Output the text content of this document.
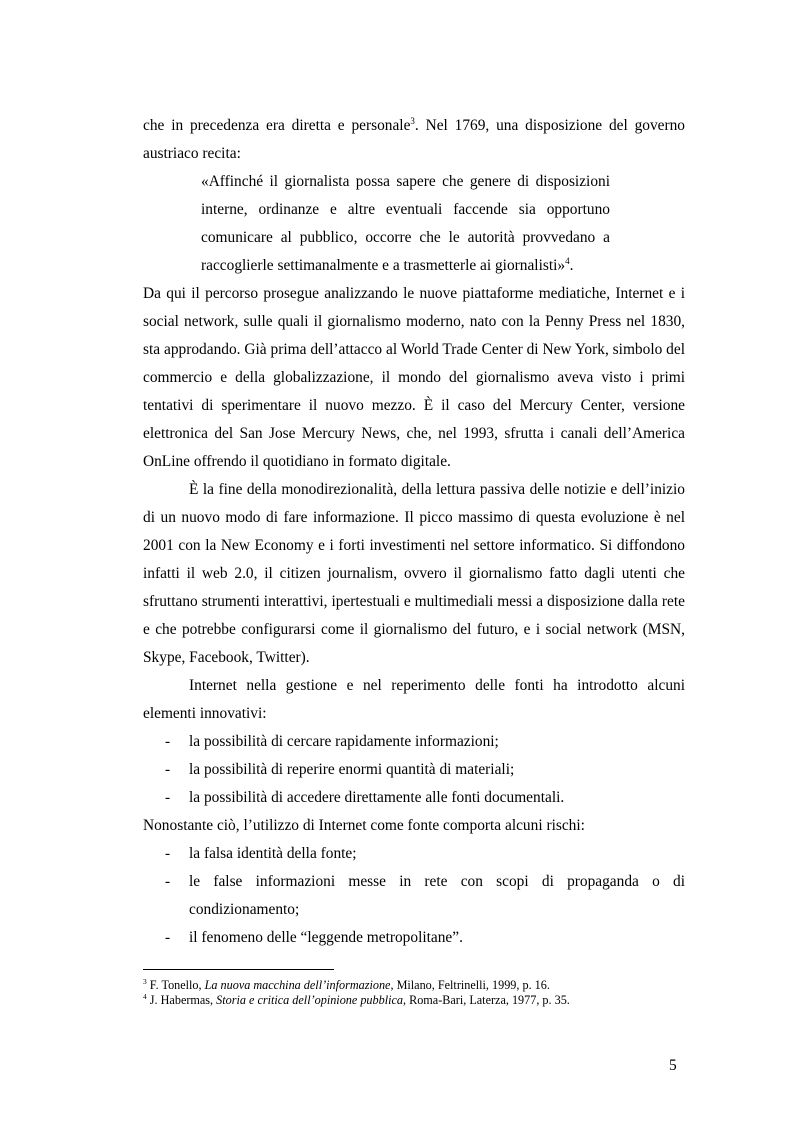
che in precedenza era diretta e personale$^3$. Nel 1769, una disposizione del governo austriaco recita:

«Affinché il giornalista possa sapere che genere di disposizioni interne, ordinanze e altre eventuali faccende sia opportuno comunicare al pubblico, occorre che le autorità provvedano a raccoglierle settimanalmente e a trasmetterle ai giornalisti»$^4$.

Da qui il percorso prosegue analizzando le nuove piattaforme mediatiche, Internet e i social network, sulle quali il giornalismo moderno, nato con la Penny Press nel 1830, sta approdando. Già prima dell’attacco al World Trade Center di New York, simbolo del commercio e della globalizzazione, il mondo del giornalismo aveva visto i primi tentativi di sperimentare il nuovo mezzo. È il caso del Mercury Center, versione elettronica del San Jose Mercury News, che, nel 1993, sfrutta i canali dell’America OnLine offrendo il quotidiano in formato digitale.

È la fine della monodirezionalità, della lettura passiva delle notizie e dell’inizio di un nuovo modo di fare informazione. Il picco massimo di questa evoluzione è nel 2001 con la New Economy e i forti investimenti nel settore informatico. Si diffondono infatti il web 2.0, il citizen journalism, ovvero il giornalismo fatto dagli utenti che sfruttano strumenti interattivi, ipertestuali e multimediali messi a disposizione dalla rete e che potrebbe configurarsi come il giornalismo del futuro, e i social network (MSN, Skype, Facebook, Twitter).

Internet nella gestione e nel reperimento delle fonti ha introdotto alcuni elementi innovativi:

- la possibilità di cercare rapidamente informazioni;
- la possibilità di reperire enormi quantità di materiali;
- la possibilità di accedere direttamente alle fonti documentali.

Nonostante ciò, l’utilizzo di Internet come fonte comporta alcuni rischi:

- la falsa identità della fonte;
- le false informazioni messe in rete con scopi di propaganda o di condizionamento;
- il fenomeno delle “leggende metropolitane”.

$^3$ F. Tonello, La nuova macchina dell’informazione, Milano, Feltrinelli, 1999, p. 16.

$^4$ J. Habermas, Storia e critica dell’opinione pubblica, Roma-Bari, Laterza, 1977, p. 35.

5
